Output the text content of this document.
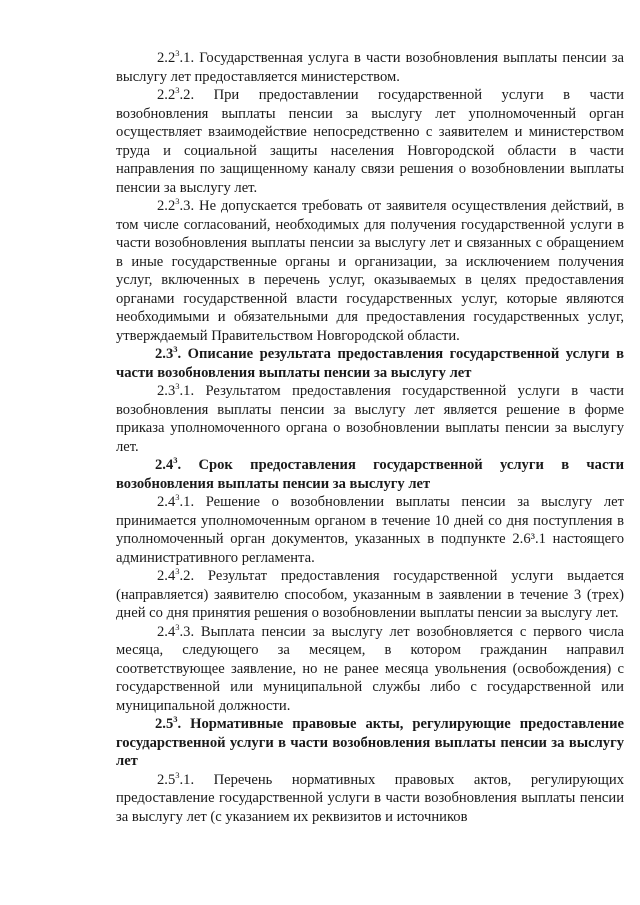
$2.2^3.1$. Государственная услуга в части возобновления выплаты пенсии за выслугу лет предоставляется министерством.

$2.2^3.2$. При предоставлении государственной услуги в части возобновления выплаты пенсии за выслугу лет уполномоченный орган осуществляет взаимодействие непосредственно с заявителем и министерством труда и социальной защиты населения Новгородской области в части направления по защищенному каналу связи решения о возобновлении выплаты пенсии за выслугу лет.

$2.2^3.3$. Не допускается требовать от заявителя осуществления действий, в том числе согласований, необходимых для получения государственной услуги в части возобновления выплаты пенсии за выслугу лет и связанных с обращением в иные государственные органы и организации, за исключением получения услуг, включенных в перечень услуг, оказываемых в целях предоставления органами государственной власти государственных услуг, которые являются необходимыми и обязательными для предоставления государственных услуг, утверждаемый Правительством Новгородской области.

$2.3^3$. Описание результата предоставления государственной услуги в части возобновления выплаты пенсии за выслугу лет

$2.3^3.1$. Результатом предоставления государственной услуги в части возобновления выплаты пенсии за выслугу лет является решение в форме приказа уполномоченного органа о возобновлении выплаты пенсии за выслугу лет.

$2.4^3$. Срок предоставления государственной услуги в части возобновления выплаты пенсии за выслугу лет

$2.4^3.1$. Решение о возобновлении выплаты пенсии за выслугу лет принимается уполномоченным органом в течение 10 дней со дня поступления в уполномоченный орган документов, указанных в подпункте 2.6³.1 настоящего административного регламента.

$2.4^3.2$. Результат предоставления государственной услуги выдается (направляется) заявителю способом, указанным в заявлении в течение 3 (трех) дней со дня принятия решения о возобновлении выплаты пенсии за выслугу лет.

$2.4^3.3$. Выплата пенсии за выслугу лет возобновляется с первого числа месяца, следующего за месяцем, в котором гражданин направил соответствующее заявление, но не ранее месяца увольнения (освобождения) с государственной или муниципальной службы либо с государственной или муниципальной должности.

$2.5^3$. Нормативные правовые акты, регулирующие предоставление государственной услуги в части возобновления выплаты пенсии за выслугу лет

$2.5^3.1$. Перечень нормативных правовых актов, регулирующих предоставление государственной услуги в части возобновления выплаты пенсии за выслугу лет (с указанием их реквизитов и источников
